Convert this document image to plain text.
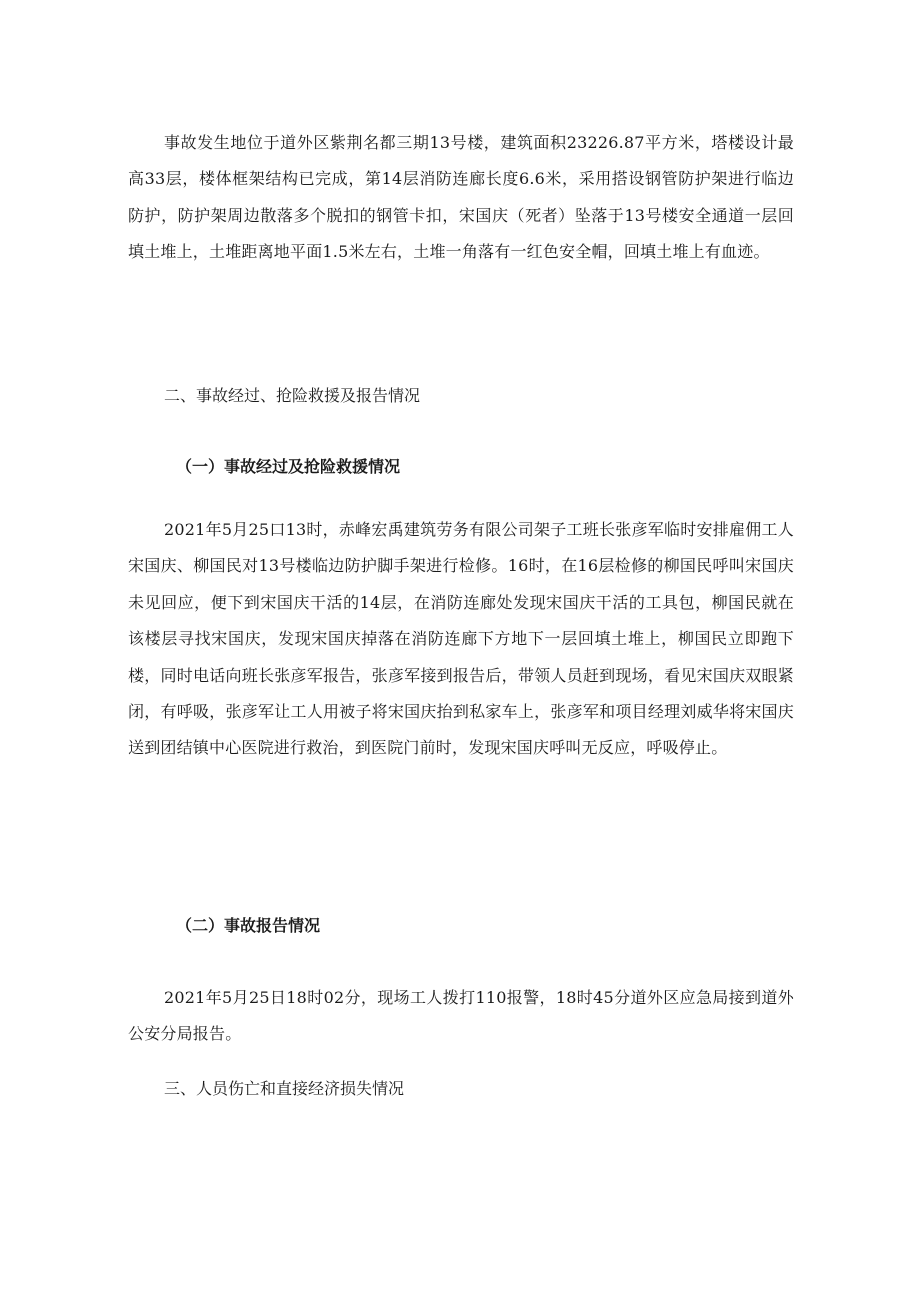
事故发生地位于道外区紫荆名都三期13号楼，建筑面积23226.87平方米，塔楼设计最高33层，楼体框架结构已完成，第14层消防连廊长度6.6米，采用搭设钢管防护架进行临边防护，防护架周边散落多个脱扣的钢管卡扣，宋国庆（死者）坠落于13号楼安全通道一层回填土堆上，土堆距离地平面1.5米左右，土堆一角落有一红色安全帽，回填土堆上有血迹。

二、事故经过、抢险救援及报告情况

（一）事故经过及抢险救援情况

2021年5月25口13时，赤峰宏禹建筑劳务有限公司架子工班长张彦军临时安排雇佣工人宋国庆、柳国民对13号楼临边防护脚手架进行检修。16时，在16层检修的柳国民呼叫宋国庆未见回应，便下到宋国庆干活的14层，在消防连廊处发现宋国庆干活的工具包，柳国民就在该楼层寻找宋国庆，发现宋国庆掉落在消防连廊下方地下一层回填土堆上，柳国民立即跑下楼，同时电话向班长张彦军报告，张彦军接到报告后，带领人员赶到现场，看见宋国庆双眼紧闭，有呼吸，张彦军让工人用被子将宋国庆抬到私家车上，张彦军和项目经理刘威华将宋国庆送到团结镇中心医院进行救治，到医院门前时，发现宋国庆呼叫无反应，呼吸停止。

（二）事故报告情况

2021年5月25日18时02分，现场工人拨打110报警，18时45分道外区应急局接到道外公安分局报告。

三、人员伤亡和直接经济损失情况
